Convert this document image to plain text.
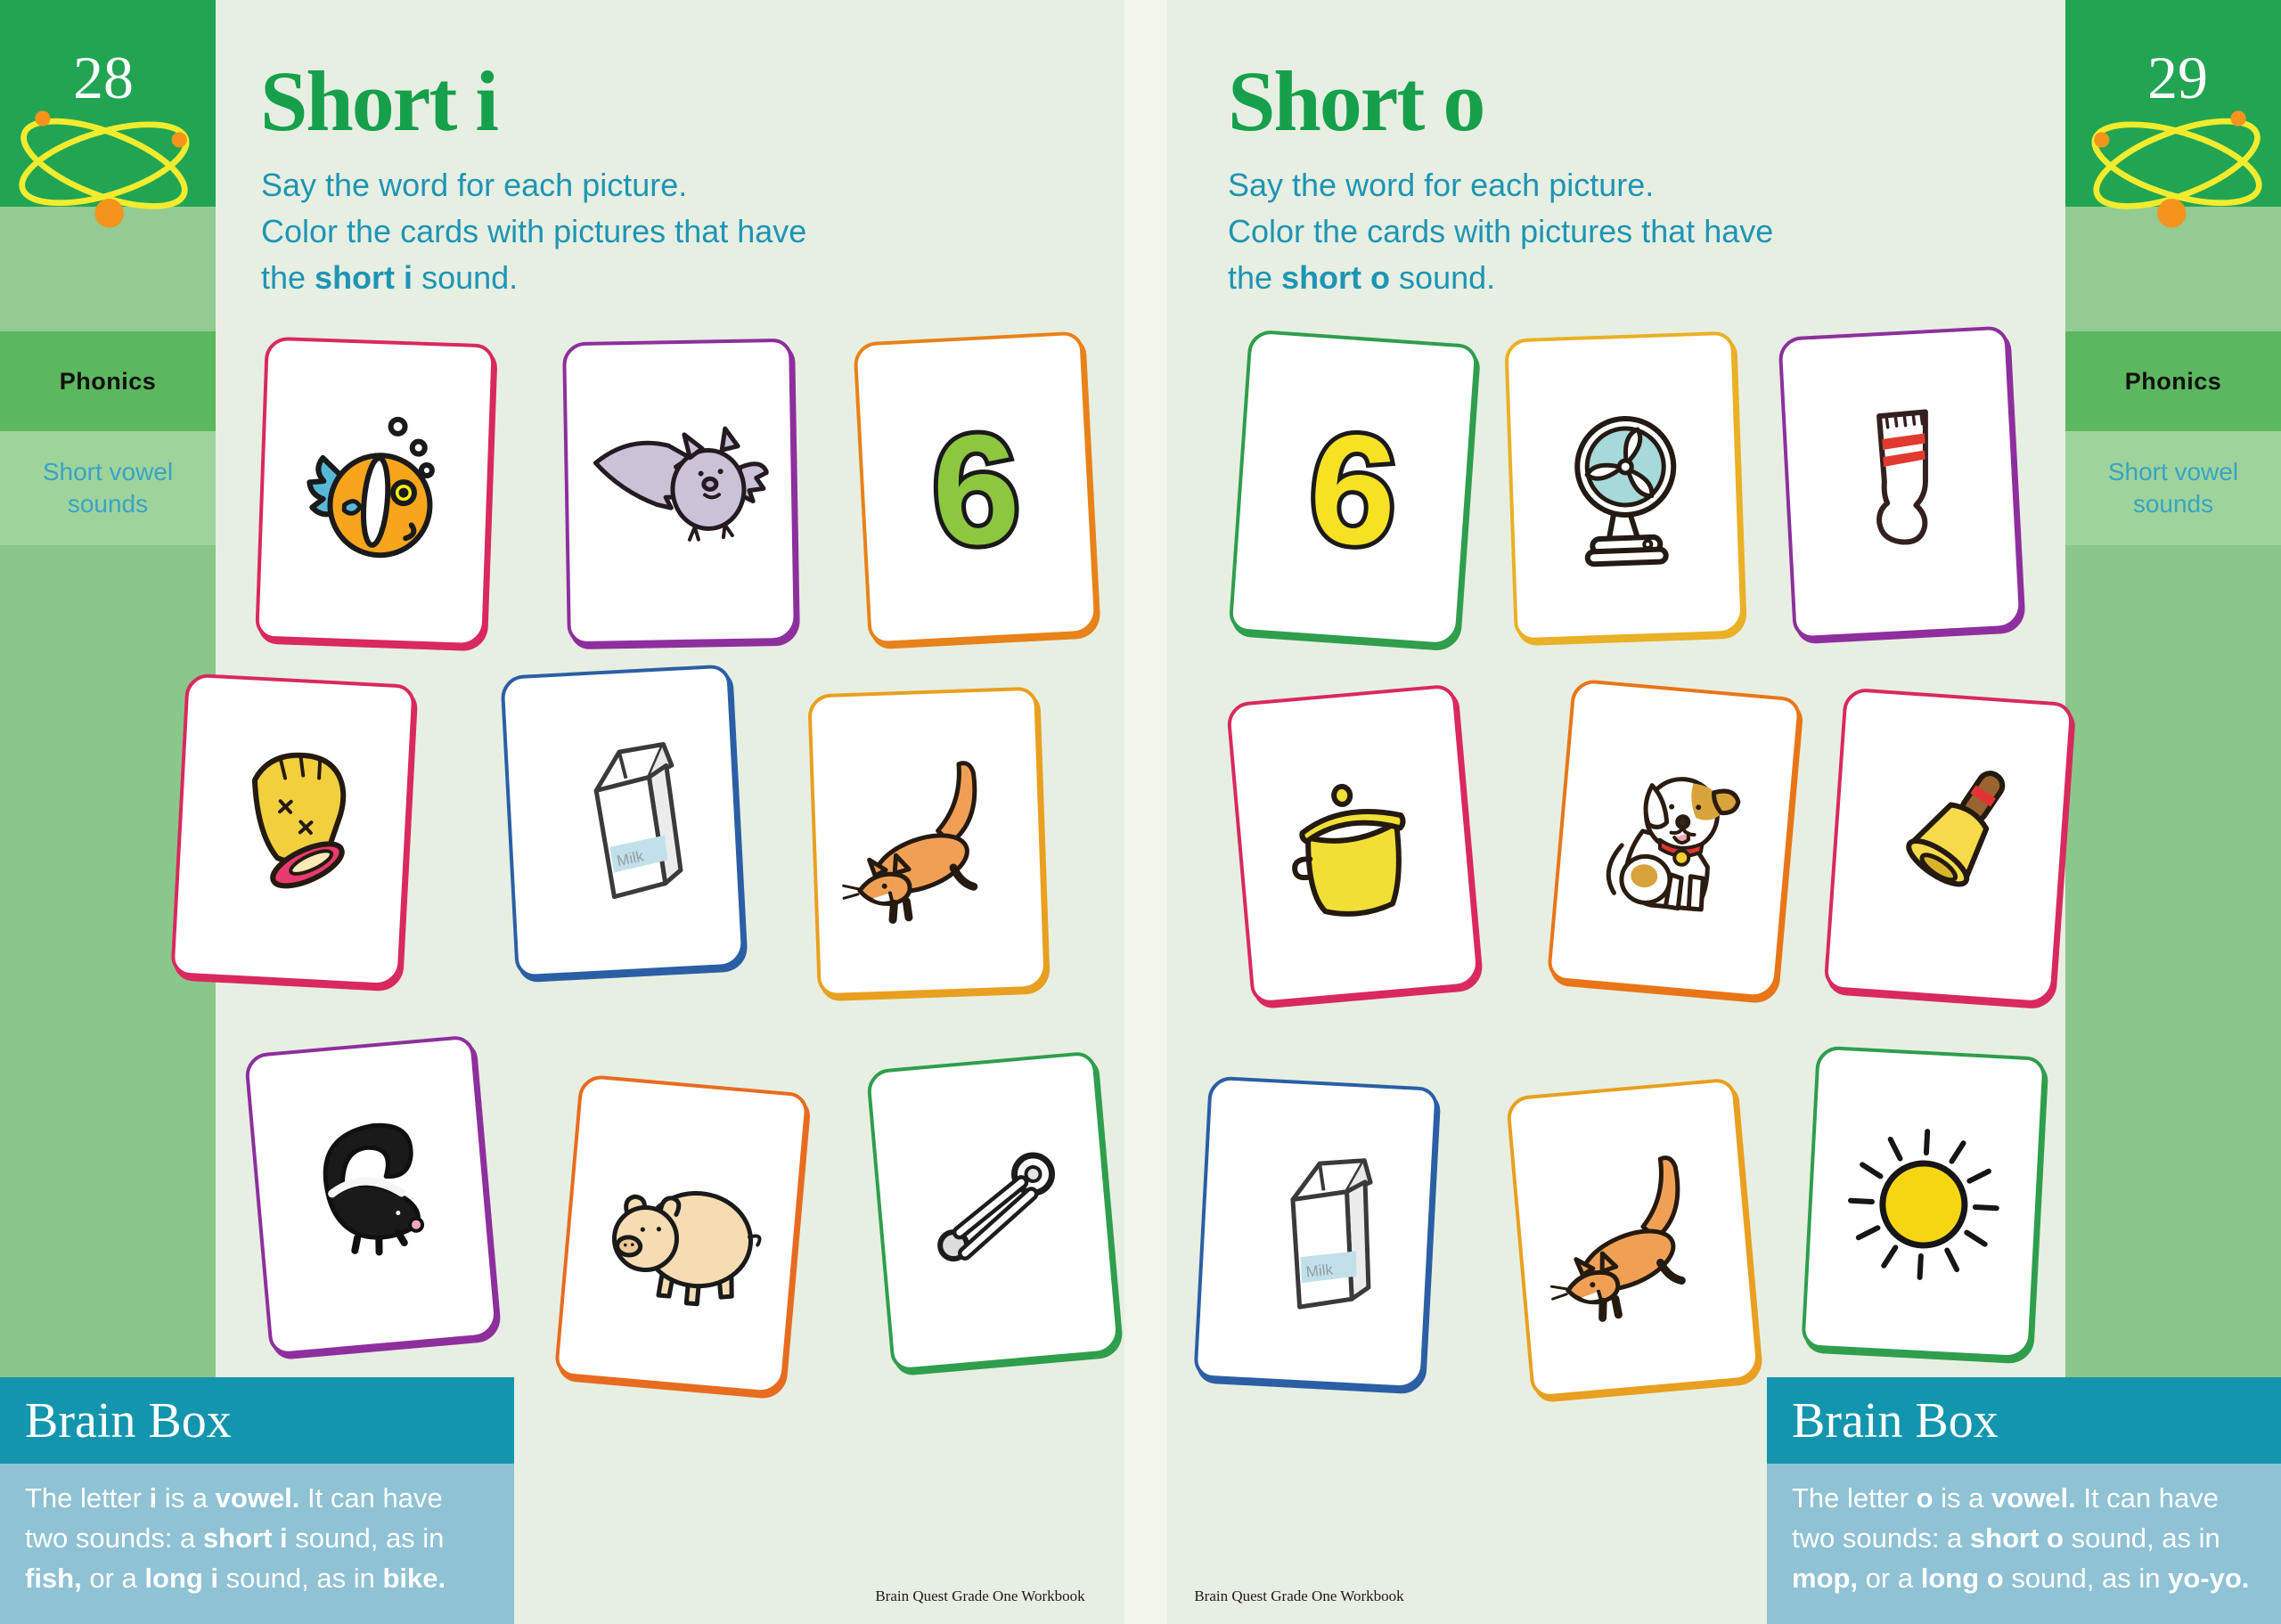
Phonics
Short vowel
sounds
Phonics
Short vowel
sounds
28	29
Short i
Say the word for each picture.
Color the cards with pictures that have
the short i sound.
Short o
Say the word for each picture.
Color the cards with pictures that have
the short o sound.
6
Milk
6
Milk
Brain Box
The letter i is a vowel. It can have
two sounds: a short i sound, as in
fish, or a long i sound, as in bike.
Brain Box
The letter o is a vowel. It can have
two sounds: a short o sound, as in
mop, or a long o sound, as in yo-yo.
Brain Quest Grade One Workbook	Brain Quest Grade One Workbook
